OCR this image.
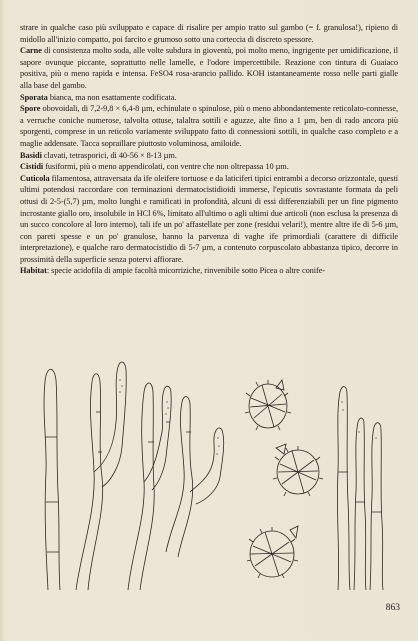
strare in qualche caso più sviluppato e capace di risalire per ampio tratto sul gambo (= f. granulosa!), ripieno di midollo all'inizio compatto, poi farcito e grumoso sotto una corteccia di discreto spessore.

Carne di consistenza molto soda, alle volte subdura in gioventù, poi molto meno, ingrigente per umidificazione, il sapore ovunque piccante, soprattutto nelle lamelle, e l'odore impercettibile. Reazione con tintura di Guaiaco positiva, più o meno rapida e intensa. FeSO4 rosa-arancio pallido. KOH istantaneamente rosso nelle parti gialle alla base del gambo.

Sporata bianca, ma non esattamente codificata.

Spore obovoidali, di 7,2-9,8 × 6,4-8 µm, echinulate o spinulose, più o meno abbondantemente reticolato-connesse, a verruche coniche numerose, talvolta ottuse, talaltra sottili e aguzze, alte fino a 1 µm, ben di rado ancora più sporgenti, comprese in un reticolo variamente sviluppato fatto di connessioni sottili, in qualche caso completo e a maglie addensate. Tacca sopraillare piuttosto voluminosa, amiloide.

Basidi clavati, tetrasporici, di 40-56 × 8-13 µm.

Cistidi fusiformi, più o meno appendicolati, con ventre che non oltrepassa 10 µm.

Cuticola filamentosa, attraversata da ife oleifere tortuose e da laticiferi tipici entrambi a decorso orizzontale, questi ultimi potendosi raccordare con terminazioni dermatocistidioidi immerse, l'epicutis sovrastante formata da peli ottusi di 2-5-(5,7) µm, molto lunghi e ramificati in profondità, alcuni di essi differenziabili per un fine pigmento incrostante giallo oro, insolubile in HCl 6%, limitato all'ultimo o agli ultimi due articoli (non esclusa la presenza di un succo concolore al loro interno), tali ife un po' affastellate per zone (residui velari!), mentre altre ife di 5-6 µm, con pareti spesse e un po' granulose, hanno la parvenza di vaghe ife primordiali (carattere di difficile interpretazione), e qualche raro dermatocistidio di 5-7 µm, a contenuto corpuscolato abbastanza tipico, decorre in prossimità della superficie senza potervi affiorare.

Habitat: specie acidofila di ampie facoltà micorriziche, rinvenibile sotto Picea o altre conife-

863
